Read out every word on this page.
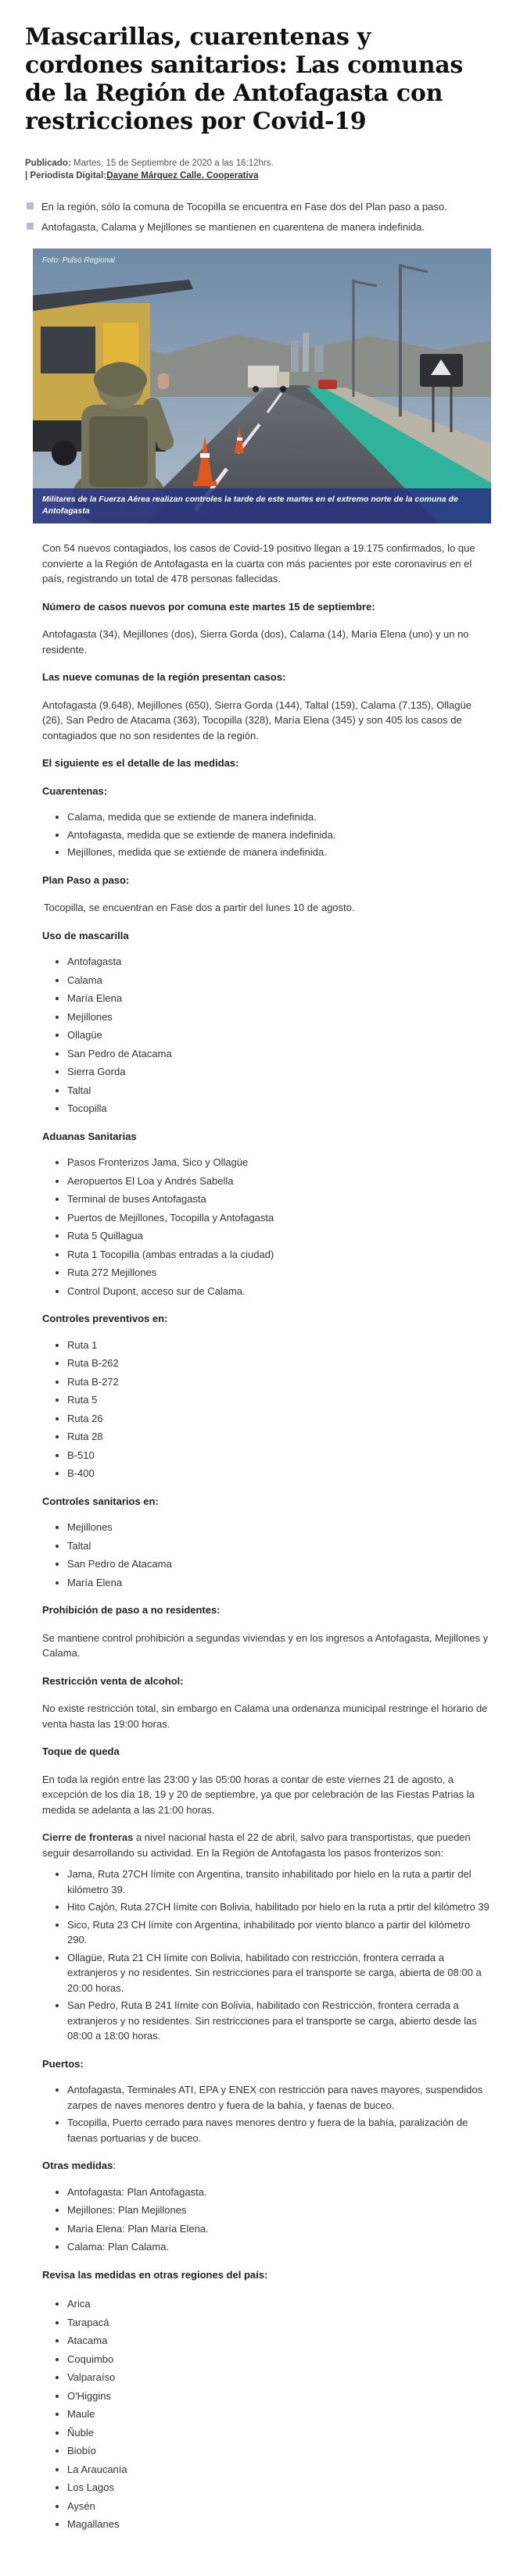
Mascarillas, cuarentenas y cordones sanitarios: Las comunas de la Región de Antofagasta con restricciones por Covid-19
Publicado: Martes, 15 de Septiembre de 2020 a las 16:12hrs.
| Periodista Digital:Dayane Márquez Calle. Cooperativa
En la región, sólo la comuna de Tocopilla se encuentra en Fase dos del Plan paso a paso.
Antofagasta, Calama y Mejillones se mantienen en cuarentena de manera indefinida.
Foto: Pulso Regional
Militares de la Fuerza Aérea realizan controles la tarde de este martes en el extremo norte de la comuna de Antofagasta

Con 54 nuevos contagiados, los casos de Covid-19 positivo llegan a 19.175 confirmados, lo que convierte a la Región de Antofagasta en la cuarta con más pacientes por este coronavirus en el país, registrando un total de 478 personas fallecidas.

Número de casos nuevos por comuna este martes 15 de septiembre:

Antofagasta (34), Mejillones (dos), Sierra Gorda (dos), Calama (14), María Elena (uno) y un no residente.

Las nueve comunas de la región presentan casos:

Antofagasta (9.648), Mejillones (650), Sierra Gorda (144), Taltal (159), Calama (7.135), Ollagüe (26), San Pedro de Atacama (363), Tocopilla (328), María Elena (345) y son 405 los casos de contagiados que no son residentes de la región.

El siguiente es el detalle de las medidas:

Cuarentenas:

• Calama, medida que se extiende de manera indefinida.
• Antofagasta, medida que se extiende de manera indefinida.
• Mejillones, medida que se extiende de manera indefinida.

Plan Paso a paso:

Tocopilla, se encuentran en Fase dos a partir del lunes 10 de agosto.

Uso de mascarilla

• Antofagasta
• Calama
• María Elena
• Mejillones
• Ollagüe
• San Pedro de Atacama
• Sierra Gorda
• Taltal
• Tocopilla

Aduanas Sanitarias

• Pasos Fronterizos Jama, Sico y Ollagüe
• Aeropuertos El Loa y Andrés Sabella
• Terminal de buses Antofagasta
• Puertos de Mejillones, Tocopilla y Antofagasta
• Ruta 5 Quillagua
• Ruta 1 Tocopilla (ambas entradas a la ciudad)
• Ruta 272 Mejillones
• Control Dupont, acceso sur de Calama.

Controles preventivos en:

• Ruta 1
• Ruta B-262
• Ruta B-272
• Ruta 5
• Ruta 26
• Ruta 28
• B-510
• B-400

Controles sanitarios en:

• Mejillones
• Taltal
• San Pedro de Atacama
• María Elena

Prohibición de paso a no residentes:

Se mantiene control prohibición a segundas viviendas y en los ingresos a Antofagasta, Mejillones y Calama.

Restricción venta de alcohol:

No existe restricción total, sin embargo en Calama una ordenanza municipal restringe el horario de venta hasta las 19:00 horas.

Toque de queda

En toda la región entre las 23:00 y las 05:00 horas a contar de este viernes 21 de agosto, a excepción de los día 18, 19 y 20 de septiembre, ya que por celebración de las Fiestas Patrias la medida se adelanta a las 21:00 horas.

Cierre de fronteras a nivel nacional hasta el 22 de abril, salvo para transportistas, que pueden seguir desarrollando su actividad. En la Región de Antofagasta los pasos fronterizos son:

• Jama, Ruta 27CH límite con Argentina, transito inhabilitado por hielo en la ruta a partir del kilómetro 39.
• Hito Cajón, Ruta 27CH límite con Bolivia, habilitado por hielo en la ruta a prtir del kilómetro 39
• Sico, Ruta 23 CH límite con Argentina, inhabilitado por viento blanco a partir del kilómetro 290.
• Ollagüe, Ruta 21 CH límite con Bolivia, habilitado con restricción, frontera cerrada a extranjeros y no residentes. Sin restricciones para el transporte se carga, abierta de 08:00 a 20:00 horas.
• San Pedro, Ruta B 241 límite con Bolivia, habilitado con Restricción, frontera cerrada a extranjeros y no residentes. Sin restricciones para el transporte se carga, abierto desde las 08:00 a 18:00 horas.

Puertos:

• Antofagasta, Terminales ATI, EPA y ENEX con restricción para naves mayores, suspendidos zarpes de naves menores dentro y fuera de la bahía, y faenas de buceo.
• Tocopilla, Puerto cerrado para naves menores dentro y fuera de la bahía, paralización de faenas portuarias y de buceo.

Otras medidas:

• Antofagasta: Plan Antofagasta.
• Mejillones: Plan Mejillones
• María Elena: Plan María Elena.
• Calama: Plan Calama.

Revisa las medidas en otras regiones del país:

• Arica
• Tarapacá
• Atacama
• Coquimbo
• Valparaíso
• O'Higgins
• Maule
• Ñuble
• Biobío
• La Araucanía
• Los Lagos
• Aysén
• Magallanes
